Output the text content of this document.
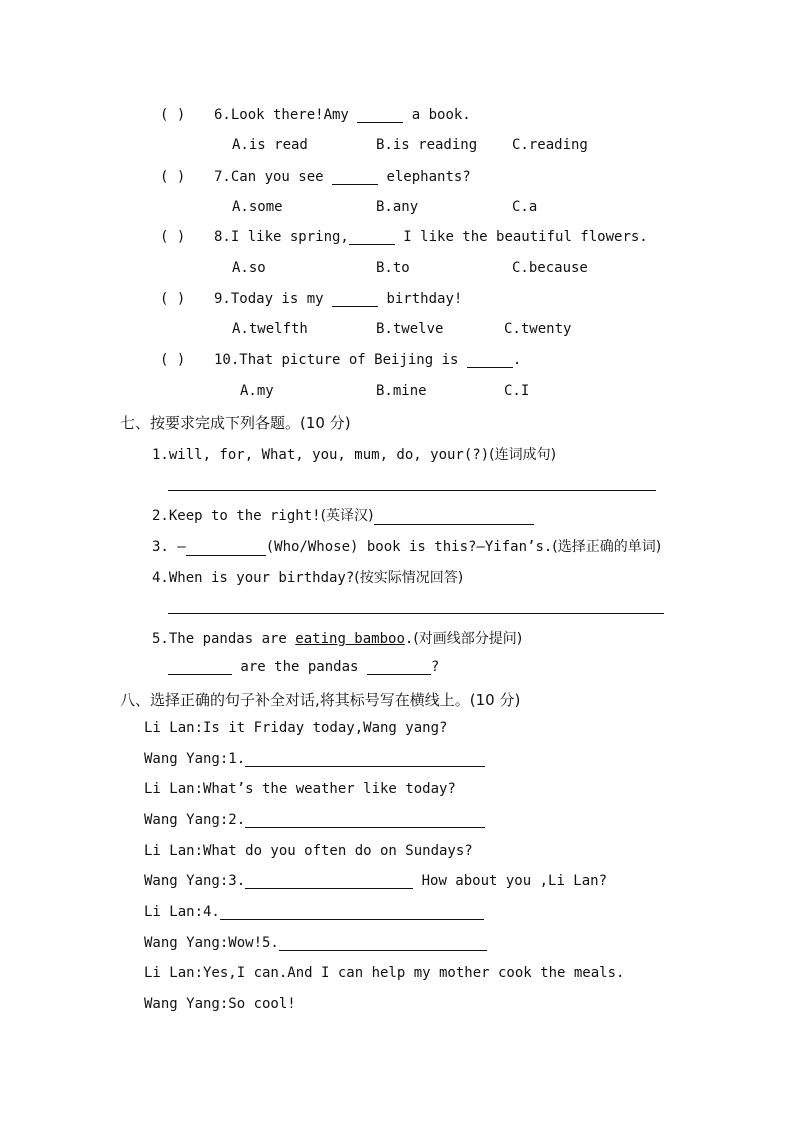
( ) 6.Look there!Amy	a book.
A.is read	B.is reading C.reading
( ) 7.Can you see	elephants?
A.some	B.any	C.a
( ) 8.I like spring,	I like the beautiful flowers.
A.so	B.to	C.because
( ) 9.Today is my	birthday!
A.twelfth	B.twelve	C.twenty
( ) 10.That picture of Beijing is	.
A.my	B.mine	C.I
七、按要求完成下列各题。(10 分)
1.will, for, What, you, mum, do, your(?)(连词成句)
2.Keep to the right!(英译汉)
3. —	(Who/Whose) book is this?—Yifan’s.(选择正确的单词)
4.When is your birthday?(按实际情况回答)
5.The pandas are eating bamboo.(对画线部分提问)
are the pandas	?
八、选择正确的句子补全对话,将其标号写在横线上。(10 分)
Li Lan:Is it Friday today,Wang yang?
Wang Yang:1.
Li Lan:What’s the weather like today?
Wang Yang:2.
Li Lan:What do you often do on Sundays?
Wang Yang:3.	How about you ,Li Lan?
Li Lan:4.
Wang Yang:Wow!5.
Li Lan:Yes,I can.And I can help my mother cook the meals.
Wang Yang:So cool!
